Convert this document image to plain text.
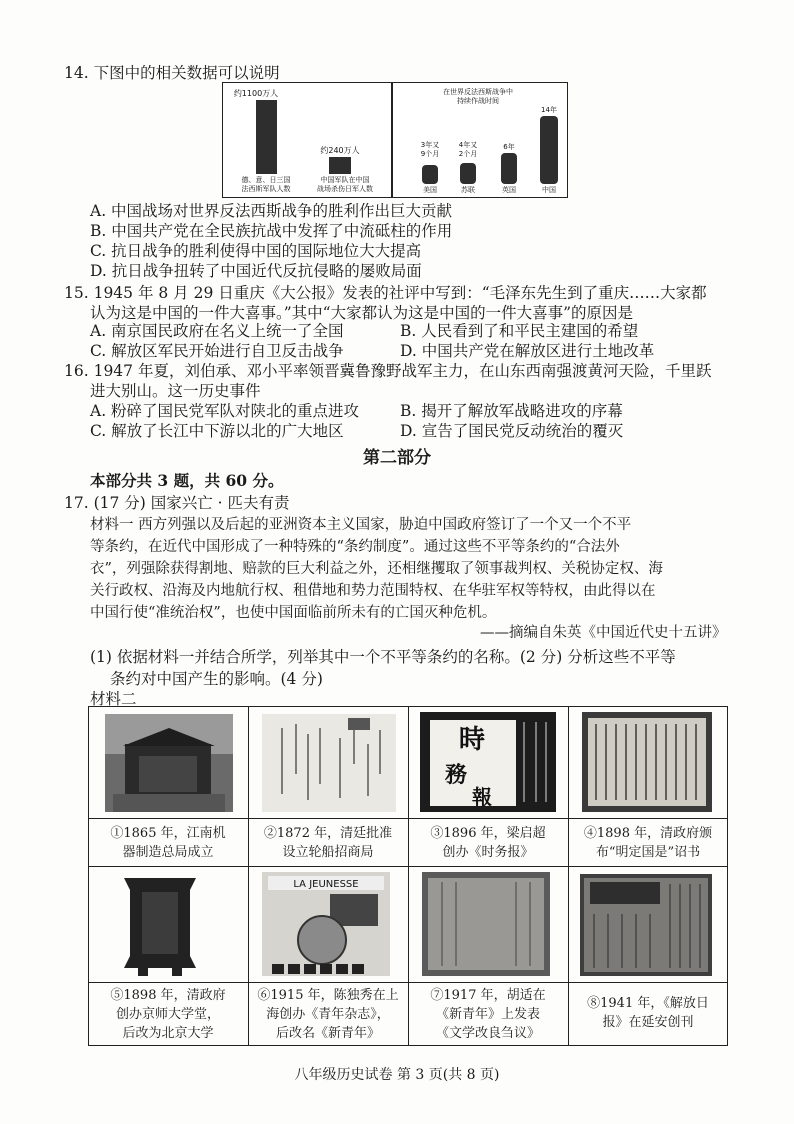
14. 下图中的相关数据可以说明
约1100万人
德、意、日三国
法西斯军队人数
约240万人
中国军队在中国
战场杀伤日军人数
在世界反法西斯战争中
持续作战时间
3年又
9个月
美国
4年又
2个月
苏联
6年
英国
14年
中国
A. 中国战场对世界反法西斯战争的胜利作出巨大贡献
B. 中国共产党在全民族抗战中发挥了中流砥柱的作用
C. 抗日战争的胜利使得中国的国际地位大大提高
D. 抗日战争扭转了中国近代反抗侵略的屡败局面
15. 1945 年 8 月 29 日重庆《大公报》发表的社评中写到：“毛泽东先生到了重庆……大家都
认为这是中国的一件大喜事。”其中“大家都认为这是中国的一件大喜事”的原因是
A. 南京国民政府在名义上统一了全国	B. 人民看到了和平民主建国的希望
C. 解放区军民开始进行自卫反击战争	D. 中国共产党在解放区进行土地改革
16. 1947 年夏，刘伯承、邓小平率领晋冀鲁豫野战军主力，在山东西南强渡黄河天险，千里跃
进大别山。这一历史事件
A. 粉碎了国民党军队对陕北的重点进攻	B. 揭开了解放军战略进攻的序幕
C. 解放了长江中下游以北的广大地区	D. 宣告了国民党反动统治的覆灭
第二部分
本部分共 3 题，共 60 分。
17. (17 分) 国家兴亡 · 匹夫有责
材料一 西方列强以及后起的亚洲资本主义国家，胁迫中国政府签订了一个又一个不平
等条约，在近代中国形成了一种特殊的“条约制度”。通过这些不平等条约的“合法外
衣”，列强除获得割地、赔款的巨大利益之外，还相继攫取了领事裁判权、关税协定权、海
关行政权、沿海及内地航行权、租借地和势力范围特权、在华驻军权等特权，由此得以在
中国行使“准统治权”，也使中国面临前所未有的亡国灭种危机。
——摘编自朱英《中国近代史十五讲》
(1) 依据材料一并结合所学，列举其中一个不平等条约的名称。(2 分) 分析这些不平等
条约对中国产生的影响。(4 分)
材料二
時
務
報
①1865 年，江南机
器制造总局成立
②1872 年，清廷批准
设立轮船招商局
③1896 年，梁启超
创办《时务报》
④1898 年，清政府颁
布“明定国是”诏书
LA JEUNESSE
⑤1898 年，清政府
创办京师大学堂，
后改为北京大学
⑥1915 年，陈独秀在上
海创办《青年杂志》，
后改名《新青年》
⑦1917 年，胡适在
《新青年》上发表
《文学改良刍议》
⑧1941 年，《解放日
报》在延安创刊
八年级历史试卷 第 3 页(共 8 页)
